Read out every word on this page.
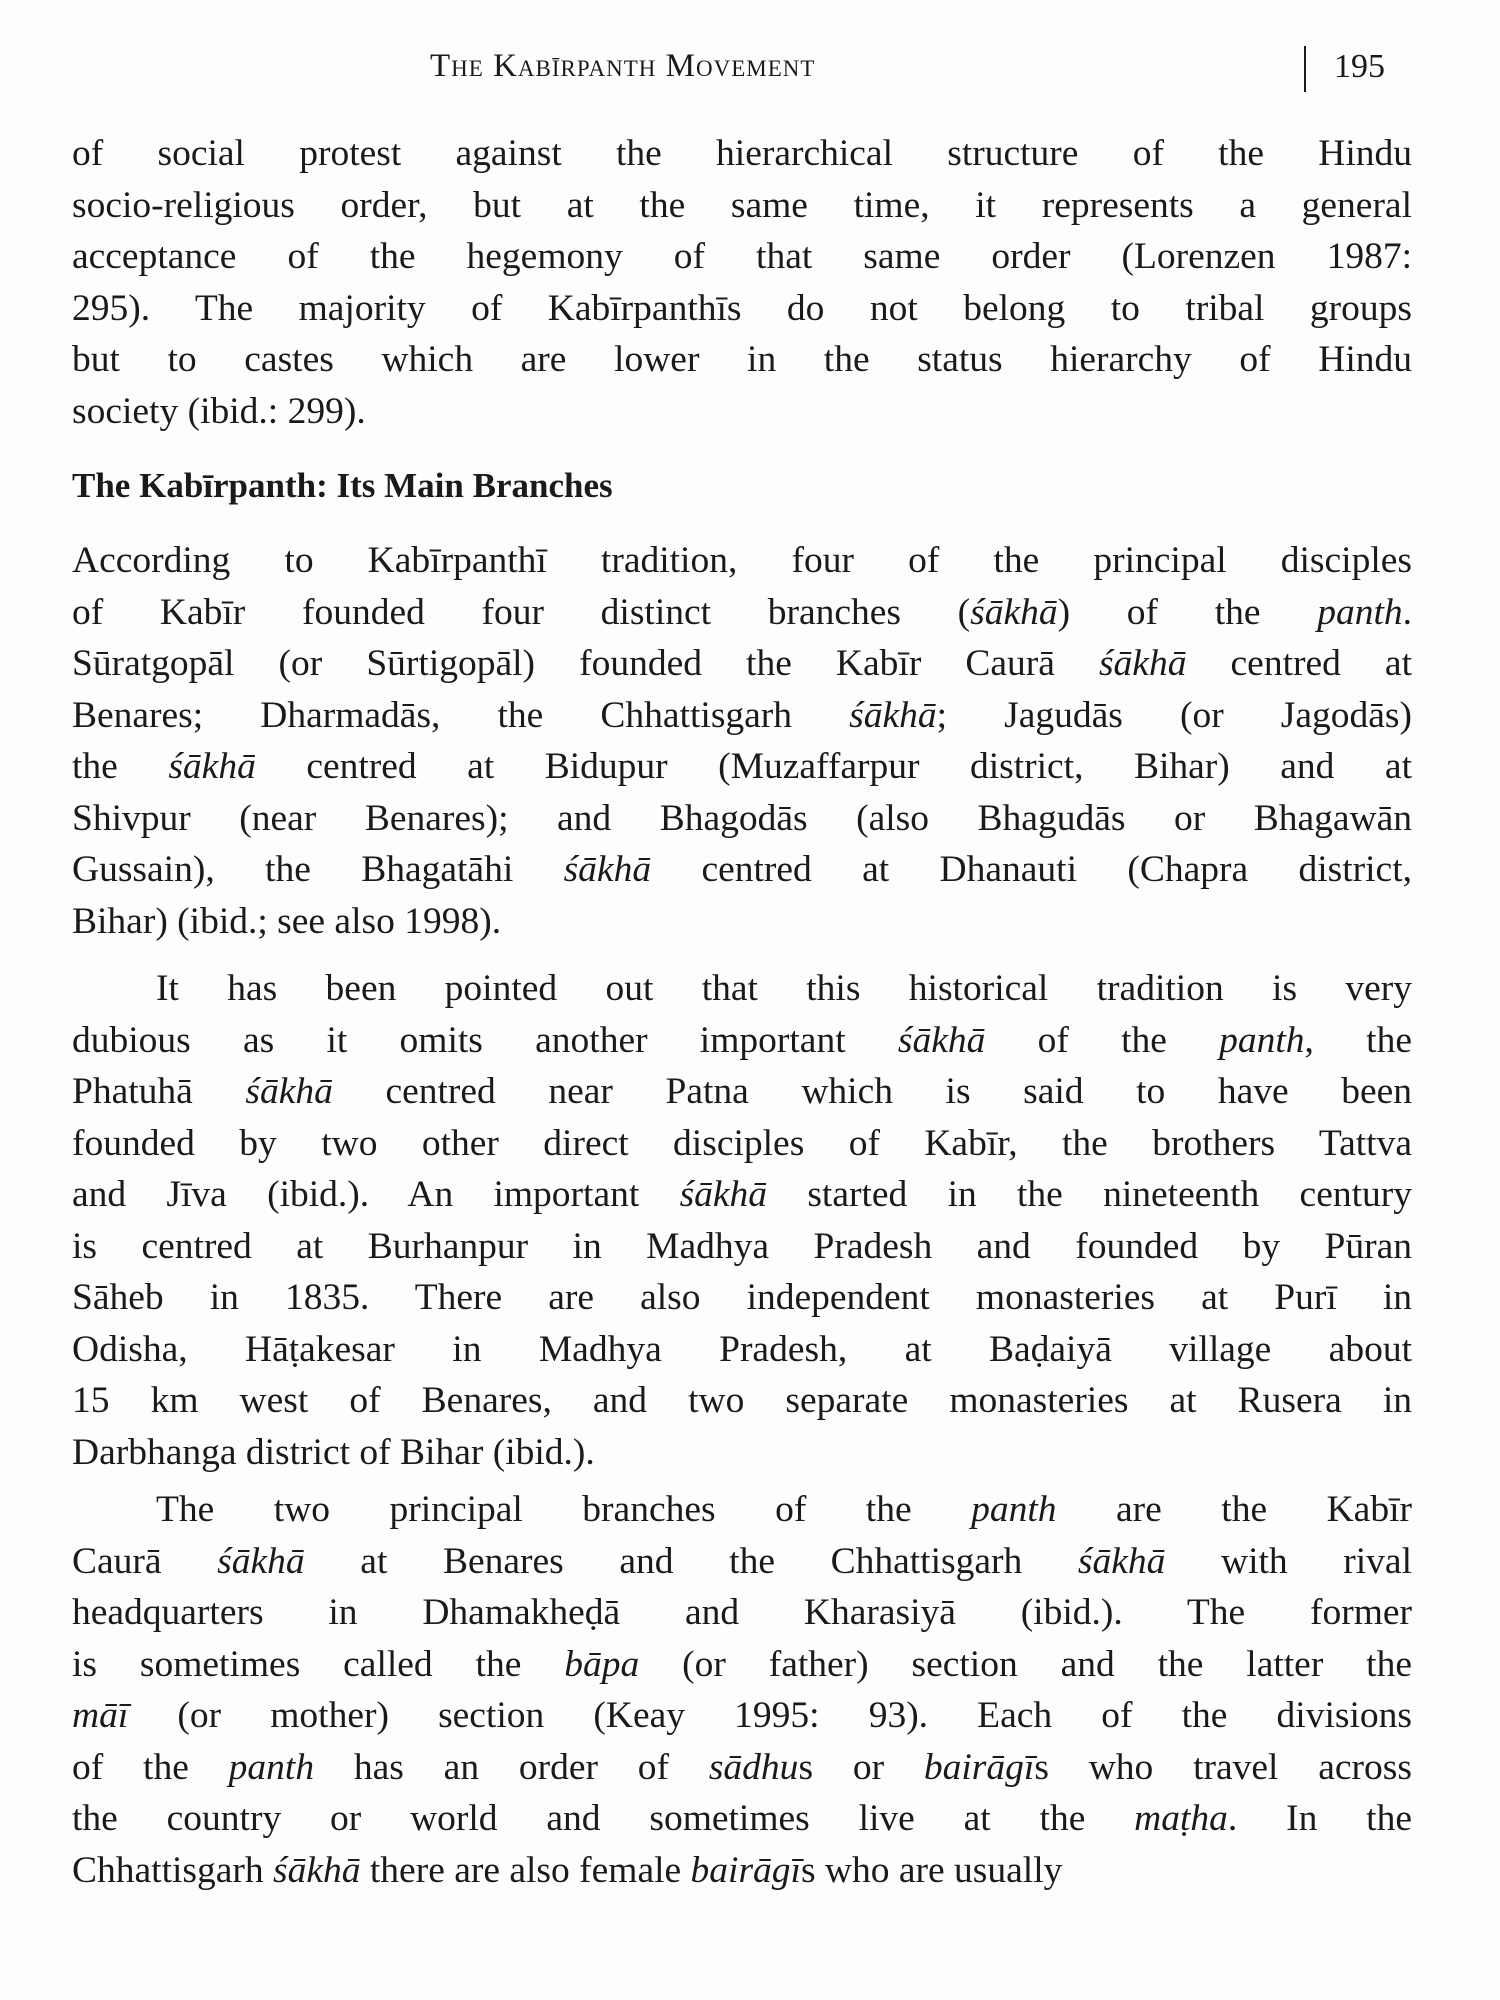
The Kabīrpanth Movement	195
of social protest against the hierarchical structure of the Hindu
socio-religious order, but at the same time, it represents a general
acceptance of the hegemony of that same order (Lorenzen 1987:
295). The majority of Kabīrpanthīs do not belong to tribal groups
but to castes which are lower in the status hierarchy of Hindu
society (ibid.: 299).
The Kabīrpanth: Its Main Branches
According to Kabīrpanthī tradition, four of the principal disciples
of Kabīr founded four distinct branches (śākhā) of the panth.
Sūratgopāl (or Sūrtigopāl) founded the Kabīr Caurā śākhā centred at
Benares; Dharmadās, the Chhattisgarh śākhā; Jagudās (or Jagodās)
the śākhā centred at Bidupur (Muzaffarpur district, Bihar) and at
Shivpur (near Benares); and Bhagodās (also Bhagudās or Bhagawān
Gussain), the Bhagatāhi śākhā centred at Dhanauti (Chapra district,
Bihar) (ibid.; see also 1998).
It has been pointed out that this historical tradition is very
dubious as it omits another important śākhā of the panth, the
Phatuhā śākhā centred near Patna which is said to have been
founded by two other direct disciples of Kabīr, the brothers Tattva
and Jīva (ibid.). An important śākhā started in the nineteenth century
is centred at Burhanpur in Madhya Pradesh and founded by Pūran
Sāheb in 1835. There are also independent monasteries at Purī in
Odisha, Hāṭakesar in Madhya Pradesh, at Baḍaiyā village about
15 km west of Benares, and two separate monasteries at Rusera in
Darbhanga district of Bihar (ibid.).
The two principal branches of the panth are the Kabīr
Caurā śākhā at Benares and the Chhattisgarh śākhā with rival
headquarters in Dhamakheḍā and Kharasiyā (ibid.). The former
is sometimes called the bāpa (or father) section and the latter the
māī (or mother) section (Keay 1995: 93). Each of the divisions
of the panth has an order of sādhus or bairāgīs who travel across
the country or world and sometimes live at the maṭha. In the
Chhattisgarh śākhā there are also female bairāgīs who are usually
